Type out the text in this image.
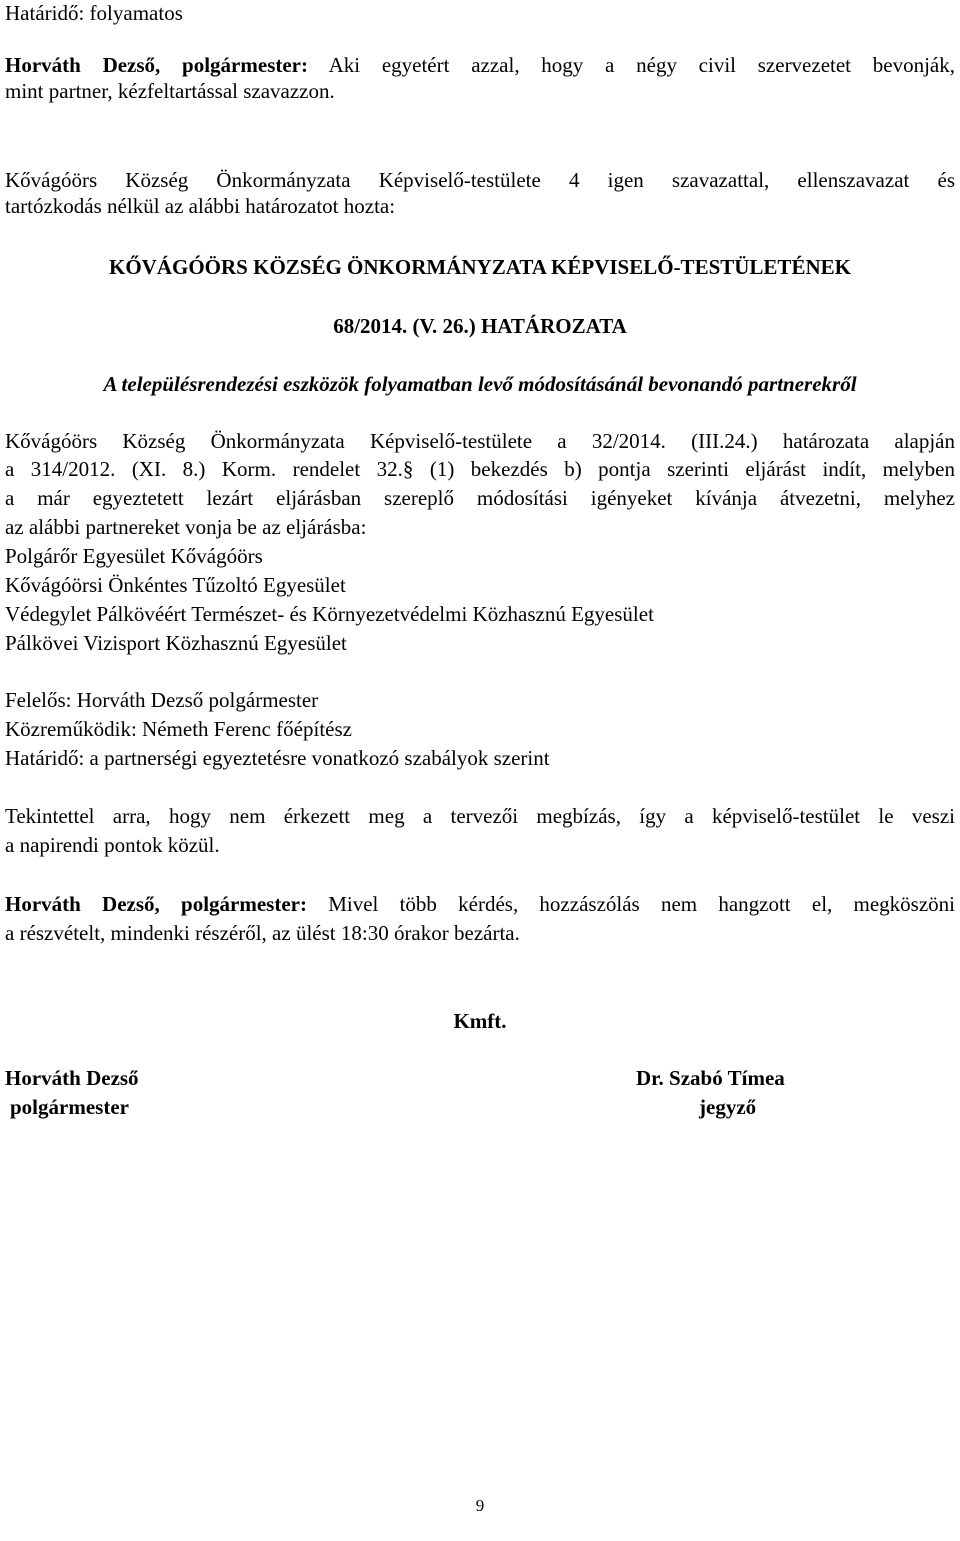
Határidő: folyamatos
Horváth Dezső, polgármester: Aki egyetért azzal, hogy a négy civil szervezetet bevonják,
mint partner, kézfeltartással szavazzon.
Kővágóörs Község Önkormányzata Képviselő-testülete 4 igen szavazattal, ellenszavazat és
tartózkodás nélkül az alábbi határozatot hozta:
KŐVÁGÓÖRS KÖZSÉG ÖNKORMÁNYZATA KÉPVISELŐ-TESTÜLETÉNEK
68/2014. (V. 26.) HATÁROZATA
A településrendezési eszközök folyamatban levő módosításánál bevonandó partnerekről
Kővágóörs Község Önkormányzata Képviselő-testülete a 32/2014. (III.24.) határozata alapján
a 314/2012. (XI. 8.) Korm. rendelet 32.§ (1) bekezdés b) pontja szerinti eljárást indít, melyben
a már egyeztetett lezárt eljárásban szereplő módosítási igényeket kívánja átvezetni, melyhez
az alábbi partnereket vonja be az eljárásba:
Polgárőr Egyesület Kővágóörs
Kővágóörsi Önkéntes Tűzoltó Egyesület
Védegylet Pálkövéért Természet- és Környezetvédelmi Közhasznú Egyesület
Pálkövei Vizisport Közhasznú Egyesület
Felelős: Horváth Dezső polgármester
Közreműködik: Németh Ferenc főépítész
Határidő: a partnerségi egyeztetésre vonatkozó szabályok szerint
Tekintettel arra, hogy nem érkezett meg a tervezői megbízás, így a képviselő-testület le veszi
a napirendi pontok közül.
Horváth Dezső, polgármester: Mivel több kérdés, hozzászólás nem hangzott el, megköszöni
a részvételt, mindenki részéről, az ülést 18:30 órakor bezárta.
Kmft.
Horváth Dezső
polgármester
Dr. Szabó Tímea
jegyző
9
